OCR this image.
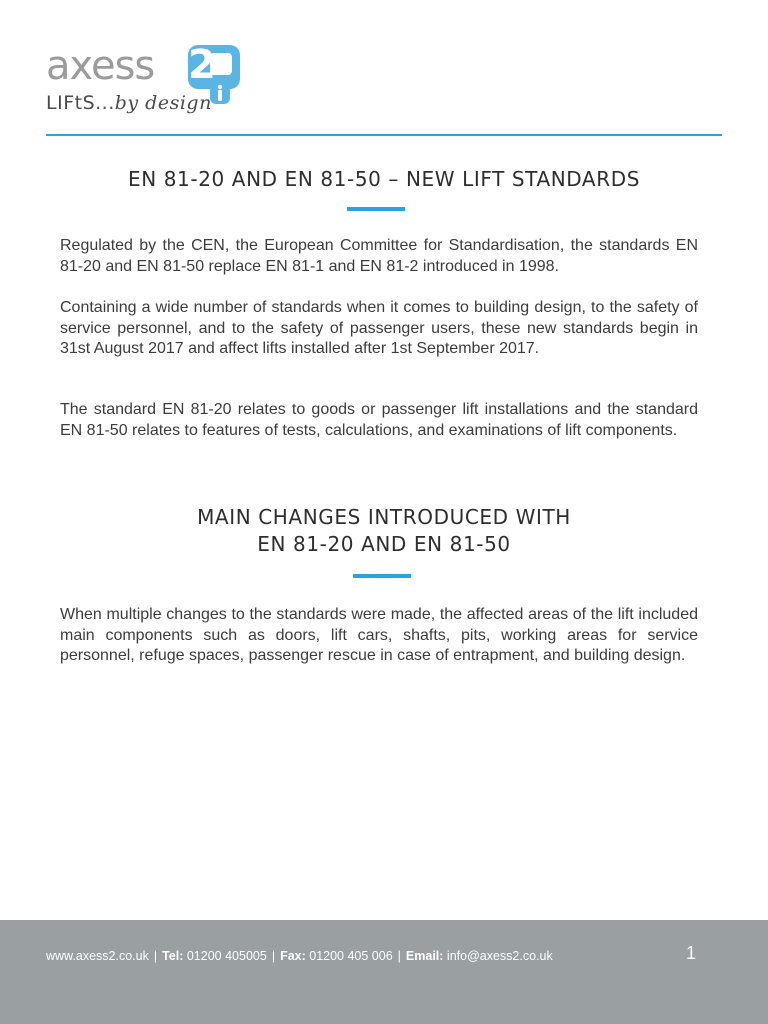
axess 2
LIFtS...by design
EN 81-20 AND EN 81-50 – NEW LIFT STANDARDS

Regulated by the CEN, the European Committee for Standardisation, the standards EN 81-20 and EN 81-50 replace EN 81-1 and EN 81-2 introduced in 1998.

Containing a wide number of standards when it comes to building design, to the safety of service personnel, and to the safety of passenger users, these new standards begin in 31st August 2017 and affect lifts installed after 1st September 2017.

The standard EN 81-20 relates to goods or passenger lift installations and the standard EN 81-50 relates to features of tests, calculations, and examinations of lift components.

MAIN CHANGES INTRODUCED WITH
EN 81-20 AND EN 81-50

When multiple changes to the standards were made, the affected areas of the lift included main components such as doors, lift cars, shafts, pits, working areas for service personnel, refuge spaces, passenger rescue in case of entrapment, and building design.

www.axess2.co.uk | Tel: 01200 405005 | Fax: 01200 405 006 | Email: info@axess2.co.uk	1
